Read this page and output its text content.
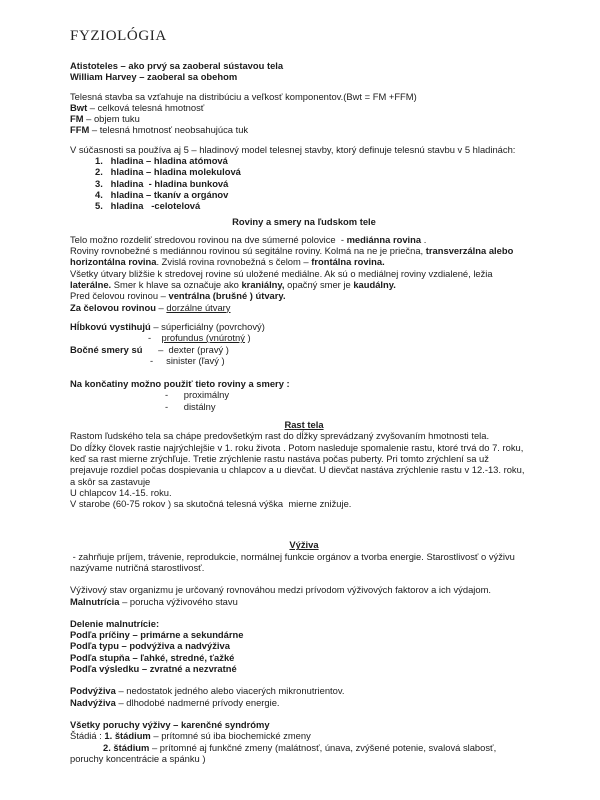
FYZIOLÓGIA
Atistoteles – ako prvý sa zaoberal sústavou tela
William Harvey – zaoberal sa obehom
Telesná stavba sa vzťahuje na distribúciu a veľkosť komponentov.(Bwt = FM +FFM)
Bwt – celková telesná hmotnosť
FM – objem tuku
FFM – telesná hmotnosť neobsahujúca tuk
V súčasnosti sa používa aj 5 – hladinový model telesnej stavby, ktorý definuje telesnú stavbu v 5 hladinách:
1.   hladina – hladina atómová
2.   hladina – hladina molekulová
3.   hladina  - hladina bunková
4.   hladina – tkanív a orgánov
5.   hladina   -celotelová
Roviny a smery na ľudskom tele
Telo možno rozdeliť stredovou rovinou na dve súmerné polovice  - mediánna rovina .
Roviny rovnobežné s mediánnou rovinou sú segitálne roviny. Kolmá na ne je priečna, transverzálna alebo
horizontálna rovina. Zvislá rovina rovnobežná s čelom – frontálna rovina.
Všetky útvary bližšie k stredovej rovine sú uložené mediálne. Ak sú o mediálnej roviny vzdialené, ležia
laterálne. Smer k hlave sa označuje ako kraniálny, opačný smer je kaudálny.
Pred čelovou rovinou – ventrálna (brušné ) útvary.
Za čelovou rovinou – dorzálne útvary
Hĺbkovú vystihujú – súperficiálny (povrchový)
-    profundus (vnúrotný )
Bočné smery sú      –  dexter (pravý )
-     sinister (ľavý )
Na končatiny možno použiť tieto roviny a smery :
-      proximálny
-      distálny
Rast tela
Rastom ľudského tela sa chápe predovšetkým rast do dĺžky sprevádzaný zvyšovaním hmotnosti tela.
Do dĺžky človek rastie najrýchlejšie v 1. roku života . Potom nasleduje spomalenie rastu, ktoré trvá do 7. roku,
keď sa rast mierne zrýchľuje. Tretie zrýchlenie rastu nastáva počas puberty. Pri tomto zrýchlení sa už
prejavuje rozdiel počas dospievania u chlapcov a u dievčat. U dievčat nastáva zrýchlenie rastu v 12.-13. roku,
a skôr sa zastavuje
U chlapcov 14.-15. roku.
V starobe (60-75 rokov ) sa skutočná telesná výška  mierne znižuje.
Výživa
- zahrňuje príjem, trávenie, reprodukcie, normálnej funkcie orgánov a tvorba energie. Starostlivosť o výživu
nazývame nutričná starostlivosť.
Výživový stav organizmu je určovaný rovnováhou medzi prívodom výživových faktorov a ich výdajom.
Malnutrícia – porucha výživového stavu
Delenie malnutrície:
Podľa príčiny – primárne a sekundárne
Podľa typu – podvýživa a nadvýživa
Podľa stupňa – ľahké, stredné, ťažké
Podľa výsledku – zvratné a nezvratné
Podvýživa – nedostatok jedného alebo viacerých mikronutrientov.
Nadvýživa – dlhodobé nadmerné prívody energie.
Všetky poruchy výživy – karenčné syndrómy
Štádiá : 1. štádium – prítomné sú iba biochemické zmeny
2. štádium – prítomné aj funkčné zmeny (malátnosť, únava, zvýšené potenie, svalová slabosť,
poruchy koncentrácie a spánku )
